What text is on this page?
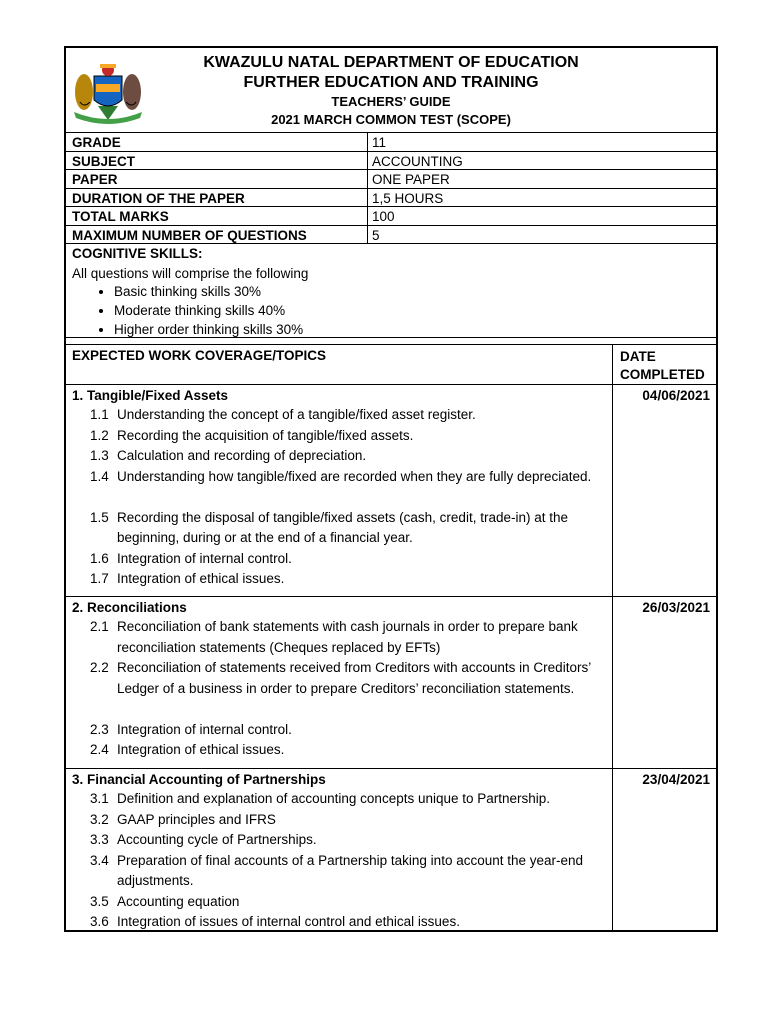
KWAZULU NATAL DEPARTMENT OF EDUCATION
FURTHER EDUCATION AND TRAINING
TEACHERS’ GUIDE
2021 MARCH COMMON TEST (SCOPE)
GRADE	11
SUBJECT	ACCOUNTING
PAPER	ONE PAPER
DURATION OF THE PAPER	1,5 HOURS
TOTAL MARKS	100
MAXIMUM NUMBER OF QUESTIONS	5
COGNITIVE SKILLS:
All questions will comprise the following
• Basic thinking skills 30%
• Moderate thinking skills 40%
• Higher order thinking skills 30%
EXPECTED WORK COVERAGE/TOPICS	DATE
COMPLETED
1. Tangible/Fixed Assets	04/06/2021
1.1 Understanding the concept of a tangible/fixed asset register.
1.2 Recording the acquisition of tangible/fixed assets.
1.3 Calculation and recording of depreciation.
1.4 Understanding how tangible/fixed are recorded when they are fully depreciated.
1.5 Recording the disposal of tangible/fixed assets (cash, credit, trade-in) at the beginning, during or at the end of a financial year.
1.6 Integration of internal control.
1.7 Integration of ethical issues.
2. Reconciliations	26/03/2021
2.1 Reconciliation of bank statements with cash journals in order to prepare bank reconciliation statements (Cheques replaced by EFTs)
2.2 Reconciliation of statements received from Creditors with accounts in Creditors’ Ledger of a business in order to prepare Creditors’ reconciliation statements.
2.3 Integration of internal control.
2.4 Integration of ethical issues.
3. Financial Accounting of Partnerships	23/04/2021
3.1 Definition and explanation of accounting concepts unique to Partnership.
3.2 GAAP principles and IFRS
3.3 Accounting cycle of Partnerships.
3.4 Preparation of final accounts of a Partnership taking into account the year-end adjustments.
3.5 Accounting equation
3.6 Integration of issues of internal control and ethical issues.
